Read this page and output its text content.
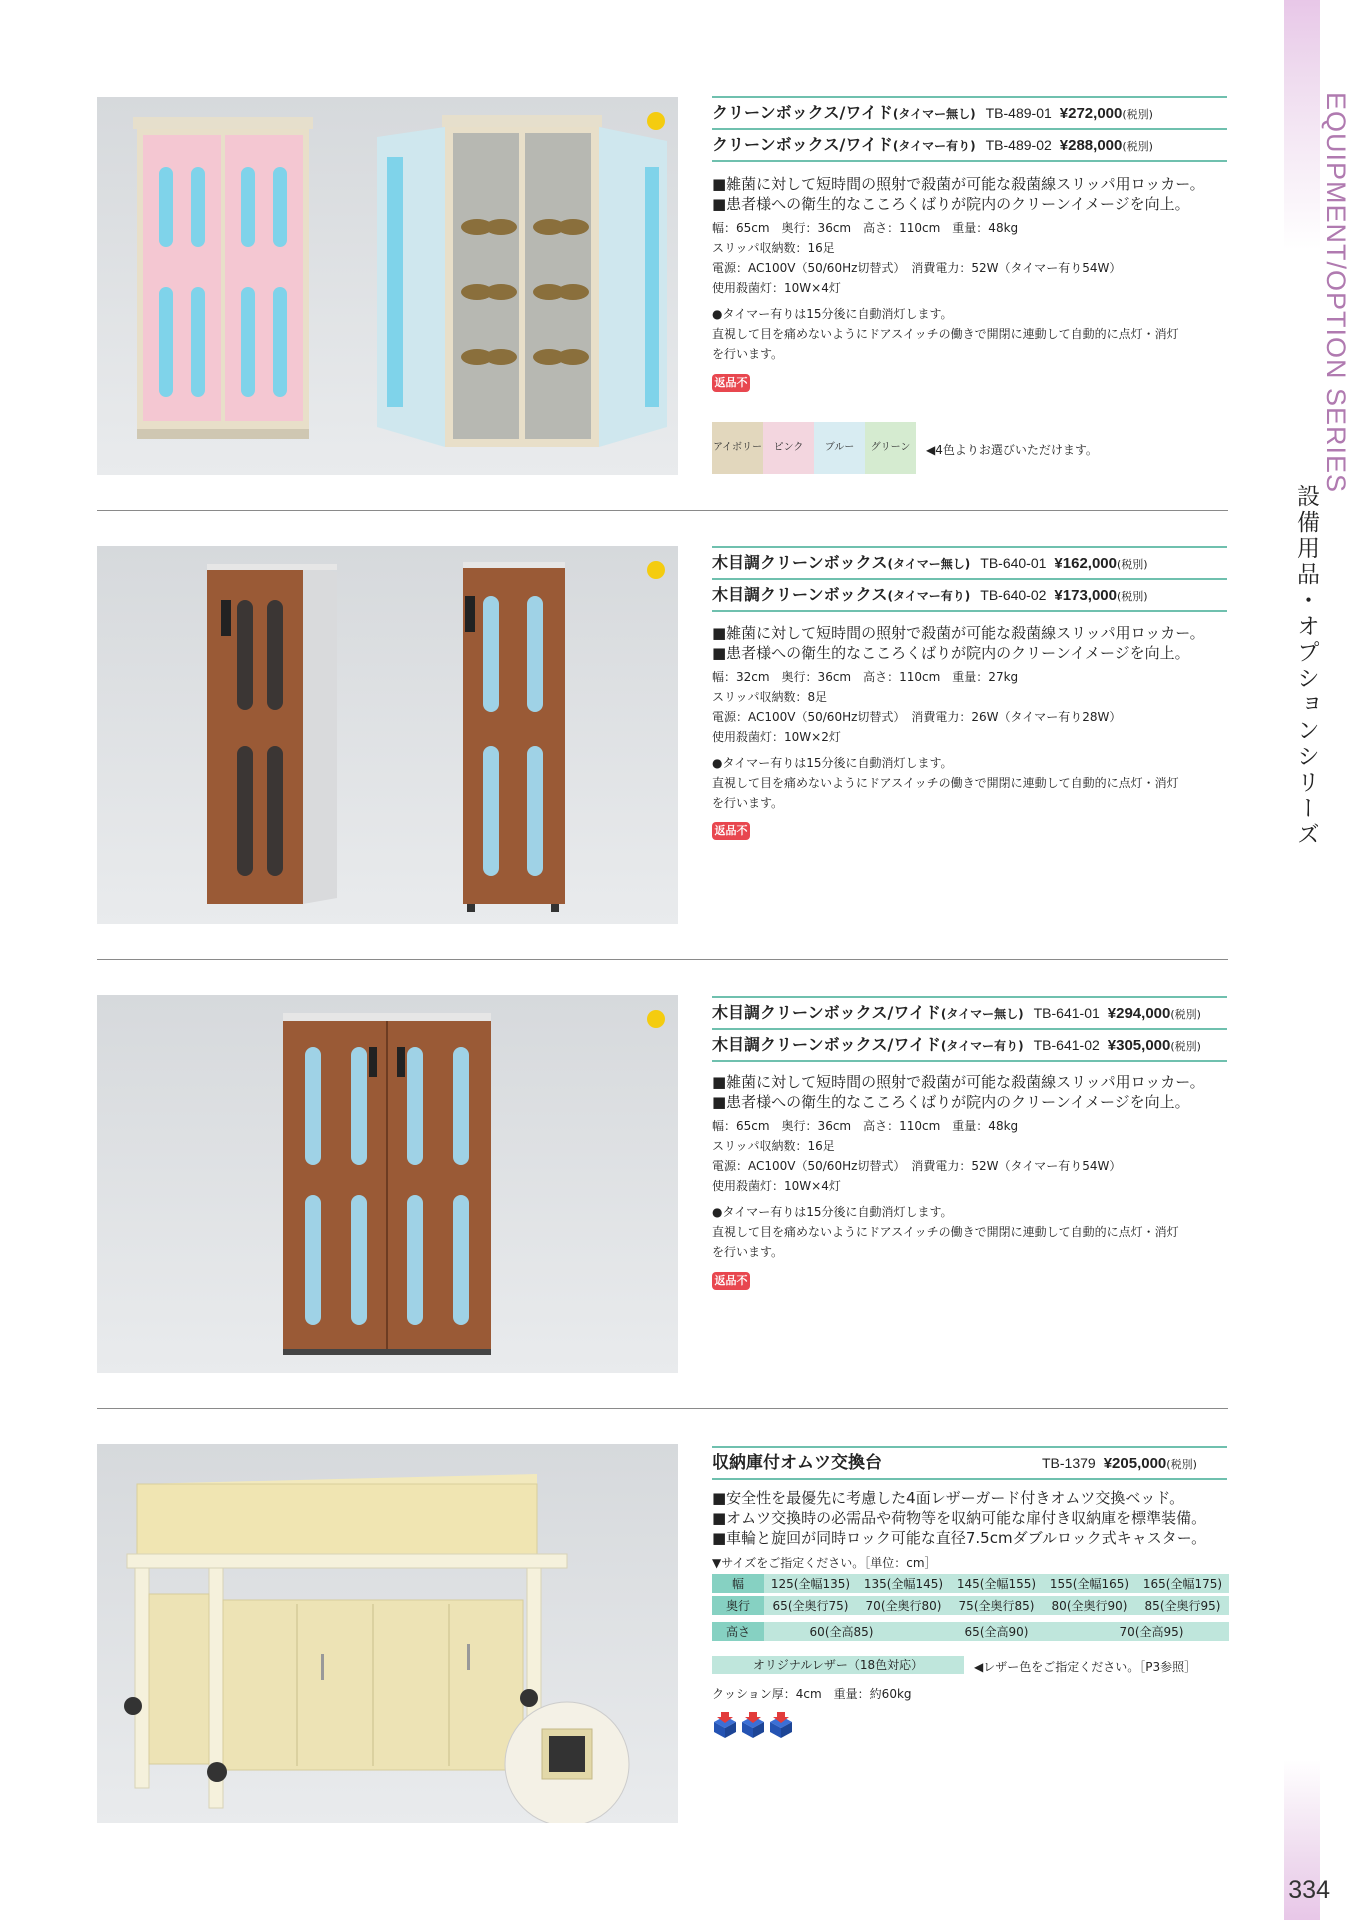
EQUIPMENT/OPTION SERIES
設備用品・オプションシリーズ
334
クリーンボックス/ワイド(タイマー無し) TB-489-01 ¥272,000(税別)
クリーンボックス/ワイド(タイマー有り) TB-489-02 ¥288,000(税別)
■雑菌に対して短時間の照射で殺菌が可能な殺菌線スリッパ用ロッカー。
■患者様への衛生的なこころくばりが院内のクリーンイメージを向上。
幅：65cm　奥行：36cm　高さ：110cm　重量：48kg
スリッパ収納数：16足
電源：AC100V（50/60Hz切替式）　消費電力：52W（タイマー有り54W）
使用殺菌灯：10W×4灯
●タイマー有りは15分後に自動消灯します。
直視して目を痛めないようにドアスイッチの働きで開閉に連動して自動的に点灯・消灯
を行います。
返品不可
アイボリー	ピンク	ブルー	グリーン	◀4色よりお選びいただけます。
木目調クリーンボックス(タイマー無し) TB-640-01 ¥162,000(税別)
木目調クリーンボックス(タイマー有り) TB-640-02 ¥173,000(税別)
■雑菌に対して短時間の照射で殺菌が可能な殺菌線スリッパ用ロッカー。
■患者様への衛生的なこころくばりが院内のクリーンイメージを向上。
幅：32cm　奥行：36cm　高さ：110cm　重量：27kg
スリッパ収納数：8足
電源：AC100V（50/60Hz切替式）　消費電力：26W（タイマー有り28W）
使用殺菌灯：10W×2灯
●タイマー有りは15分後に自動消灯します。
直視して目を痛めないようにドアスイッチの働きで開閉に連動して自動的に点灯・消灯
を行います。
返品不可
木目調クリーンボックス/ワイド(タイマー無し) TB-641-01 ¥294,000(税別)
木目調クリーンボックス/ワイド(タイマー有り) TB-641-02 ¥305,000(税別)
■雑菌に対して短時間の照射で殺菌が可能な殺菌線スリッパ用ロッカー。
■患者様への衛生的なこころくばりが院内のクリーンイメージを向上。
幅：65cm　奥行：36cm　高さ：110cm　重量：48kg
スリッパ収納数：16足
電源：AC100V（50/60Hz切替式）　消費電力：52W（タイマー有り54W）
使用殺菌灯：10W×4灯
●タイマー有りは15分後に自動消灯します。
直視して目を痛めないようにドアスイッチの働きで開閉に連動して自動的に点灯・消灯
を行います。
返品不可
収納庫付オムツ交換台	TB-1379 ¥205,000(税別)
■安全性を最優先に考慮した4面レザーガード付きオムツ交換ベッド。
■オムツ交換時の必需品や荷物等を収納可能な扉付き収納庫を標準装備。
■車輪と旋回が同時ロック可能な直径7.5cmダブルロック式キャスター。
▼サイズをご指定ください。［単位：cm］
幅	125(全幅135)	135(全幅145)	145(全幅155)	155(全幅165)	165(全幅175)
奥行	65(全奥行75)	70(全奥行80)	75(全奥行85)	80(全奥行90)	85(全奥行95)
高さ	60(全高85)	65(全高90)	70(全高95)
オリジナルレザー（18色対応）	◀レザー色をご指定ください。［P3参照］
クッション厚：4cm　重量：約60kg
